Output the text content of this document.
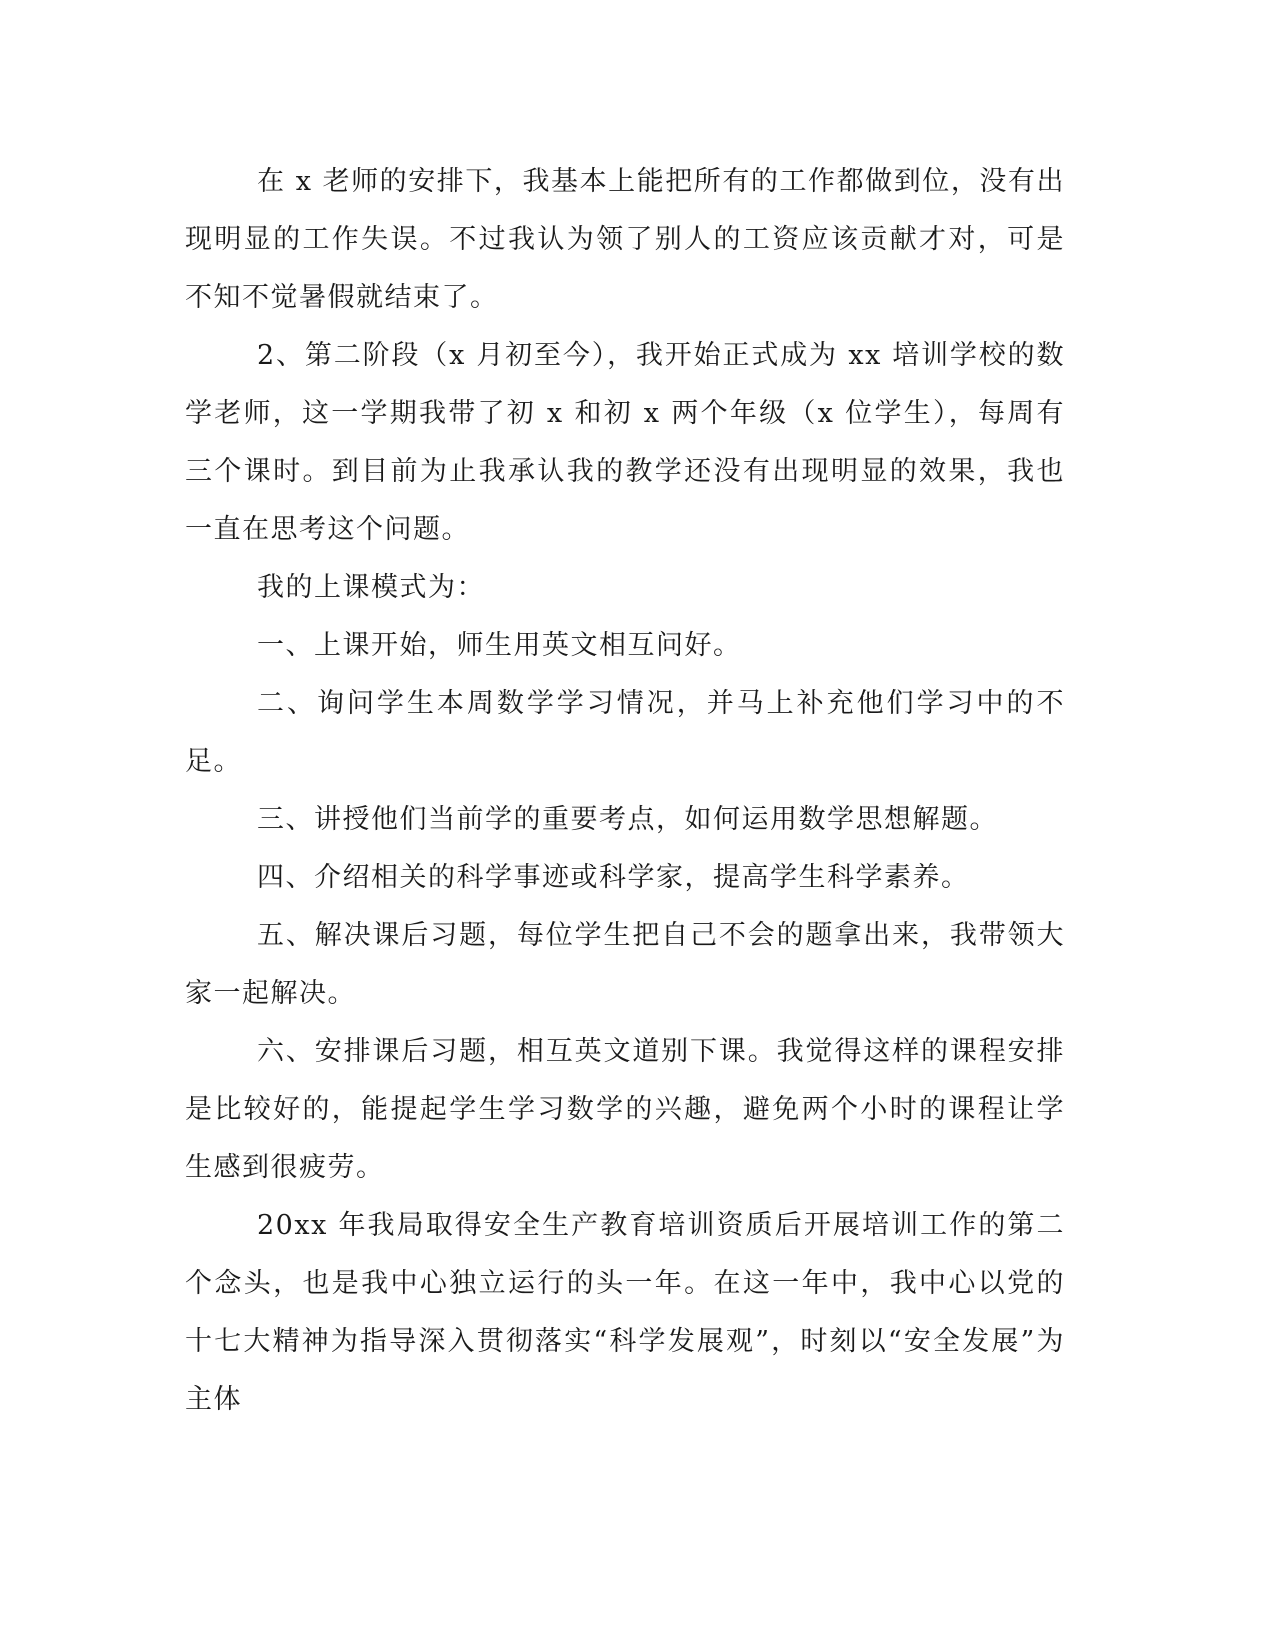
在 x 老师的安排下，我基本上能把所有的工作都做到位，没有出现明显的工作失误。不过我认为领了别人的工资应该贡献才对，可是不知不觉暑假就结束了。

2、第二阶段（x 月初至今），我开始正式成为 xx 培训学校的数学老师，这一学期我带了初 x 和初 x 两个年级（x 位学生），每周有三个课时。到目前为止我承认我的教学还没有出现明显的效果，我也一直在思考这个问题。

我的上课模式为：

一、上课开始，师生用英文相互问好。

二、询问学生本周数学学习情况，并马上补充他们学习中的不足。

三、讲授他们当前学的重要考点，如何运用数学思想解题。

四、介绍相关的科学事迹或科学家，提高学生科学素养。

五、解决课后习题，每位学生把自己不会的题拿出来，我带领大家一起解决。

六、安排课后习题，相互英文道别下课。我觉得这样的课程安排是比较好的，能提起学生学习数学的兴趣，避免两个小时的课程让学生感到很疲劳。

20xx 年我局取得安全生产教育培训资质后开展培训工作的第二个念头，也是我中心独立运行的头一年。在这一年中，我中心以党的十七大精神为指导深入贯彻落实“科学发展观”，时刻以“安全发展”为主体
